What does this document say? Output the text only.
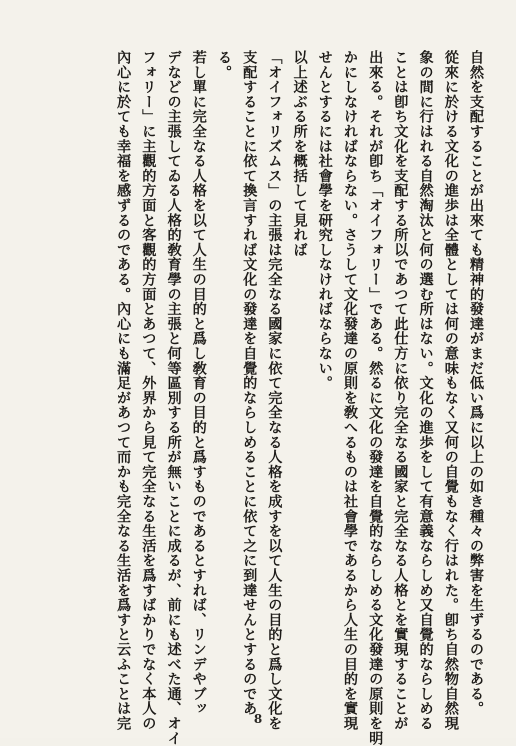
自然を支配することが出來ても精神的發達がまだ低い爲に以上の如き種々の弊害を生ずるのである。
從來に於ける文化の進歩は全體としては何の意味もなく又何の自覺もなく行はれた。卽ち自然物自然現
象の間に行はれる自然淘汰と何の選む所はない。文化の進歩をして有意義ならしめ又自覺的ならしめる
ことは卽ち文化を支配する所以であつて此仕方に依り完全なる國家と完全なる人格とを實現することが
出來る。それが卽ち「オイフォリー」である。然るに文化の發達を自覺的ならしめる文化發達の原則を明
かにしなければならない。さうして文化發達の原則を敎へるものは社會學であるから人生の目的を實現
せんとするには社會學を研究しなければならない。
以上述ぶる所を概括して見れば
「オイフォリズムス」の主張は完全なる國家に依て完全なる人格を成すを以て人生の目的と爲し文化を
支配することに依て換言すれば文化の發達を自覺的ならしめることに依て之に到達せんとするのであ
る。
若し單に完全なる人格を以て人生の目的と爲し敎育の目的と爲すものであるとすれば、リンデやブッ
デなどの主張してゐる人格的敎育學の主張と何等區別する所が無いことに成るが、前にも述べた通、オイ
フォリー」に主觀的方面と客觀的方面とあつて、外界から見て完全なる生活を爲すばかりでなく本人の
內心に於ても幸福を感ずるのである。內心にも滿足があつて而かも完全なる生活を爲すと云ふことは完	8
